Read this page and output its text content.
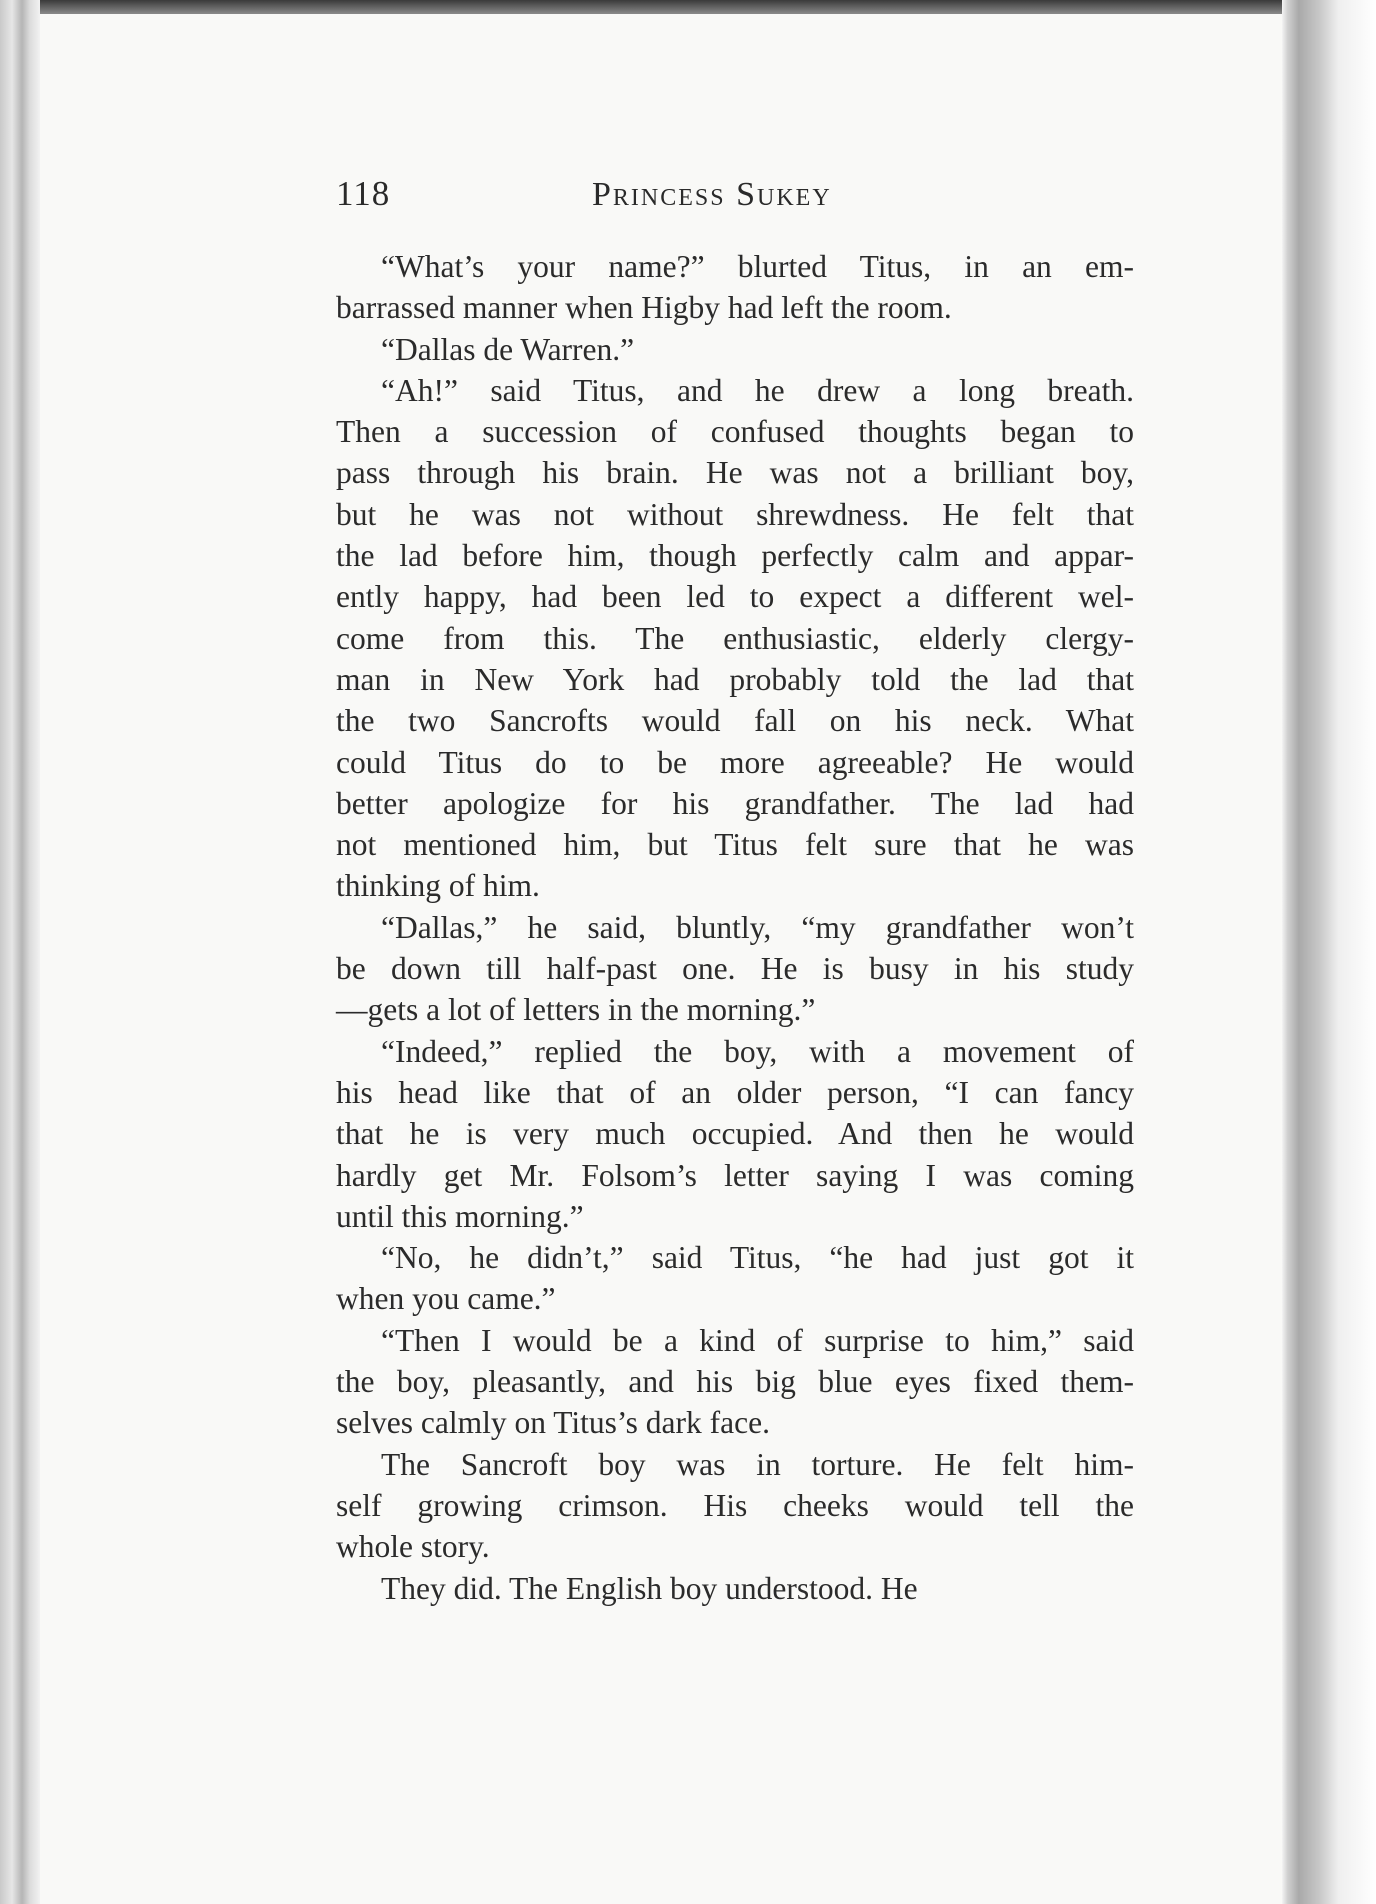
118	Princess Sukey

“What’s your name?” blurted Titus, in an em-
barrassed manner when Higby had left the room.

“Dallas de Warren.”

“Ah!” said Titus, and he drew a long breath.
Then a succession of confused thoughts began to
pass through his brain. He was not a brilliant boy,
but he was not without shrewdness. He felt that
the lad before him, though perfectly calm and appar-
ently happy, had been led to expect a different wel-
come from this. The enthusiastic, elderly clergy-
man in New York had probably told the lad that
the two Sancrofts would fall on his neck. What
could Titus do to be more agreeable? He would
better apologize for his grandfather. The lad had
not mentioned him, but Titus felt sure that he was
thinking of him.

“Dallas,” he said, bluntly, “my grandfather won’t
be down till half-past one. He is busy in his study
—gets a lot of letters in the morning.”

“Indeed,” replied the boy, with a movement of
his head like that of an older person, “I can fancy
that he is very much occupied. And then he would
hardly get Mr. Folsom’s letter saying I was coming
until this morning.”

“No, he didn’t,” said Titus, “he had just got it
when you came.”

“Then I would be a kind of surprise to him,” said
the boy, pleasantly, and his big blue eyes fixed them-
selves calmly on Titus’s dark face.

The Sancroft boy was in torture. He felt him-
self growing crimson. His cheeks would tell the
whole story.

They did. The English boy understood. He
